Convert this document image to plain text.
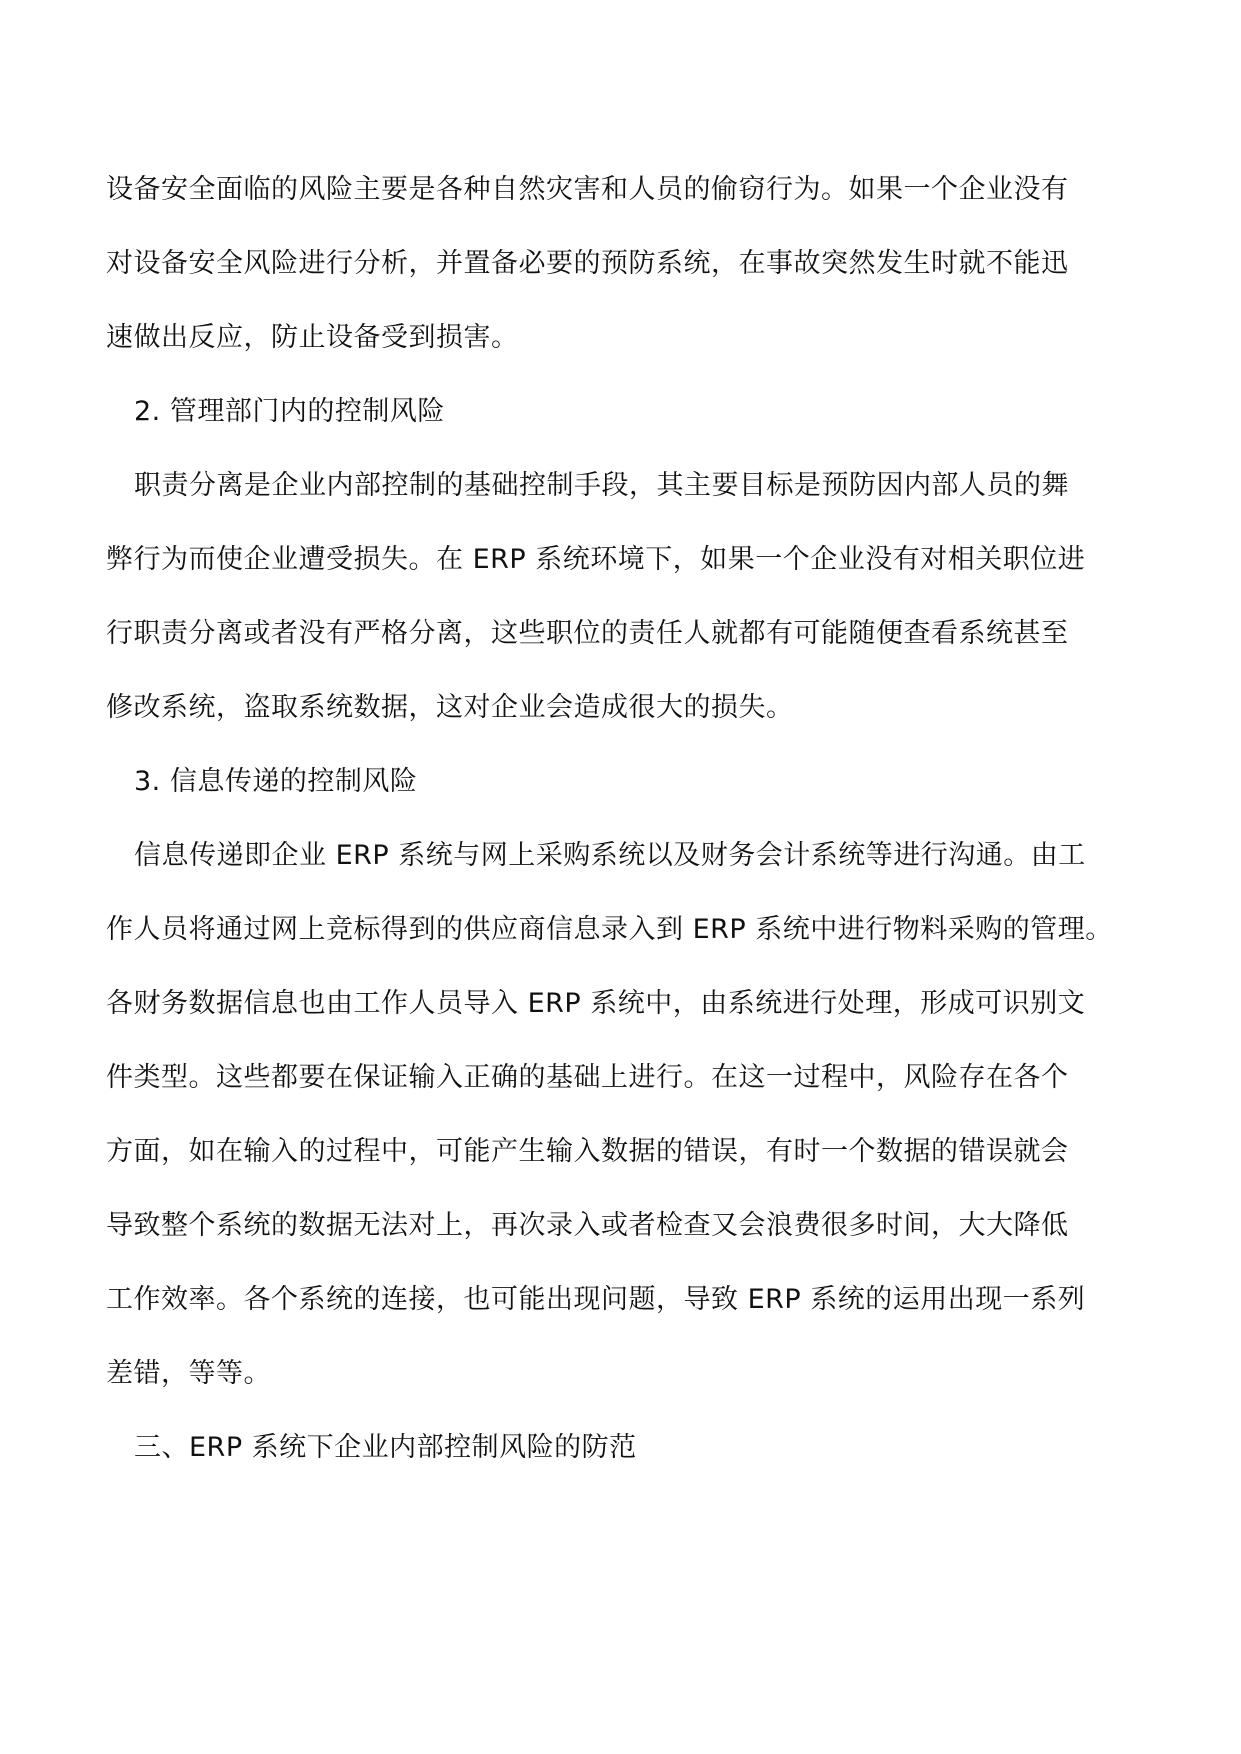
设备安全面临的风险主要是各种自然灾害和人员的偷窃行为。如果一个企业没有
对设备安全风险进行分析，并置备必要的预防系统，在事故突然发生时就不能迅
速做出反应，防止设备受到损害。
2. 管理部门内的控制风险
职责分离是企业内部控制的基础控制手段，其主要目标是预防因内部人员的舞
弊行为而使企业遭受损失。在 ERP 系统环境下，如果一个企业没有对相关职位进
行职责分离或者没有严格分离，这些职位的责任人就都有可能随便查看系统甚至
修改系统，盗取系统数据，这对企业会造成很大的损失。
3. 信息传递的控制风险
信息传递即企业 ERP 系统与网上采购系统以及财务会计系统等进行沟通。由工
作人员将通过网上竞标得到的供应商信息录入到 ERP 系统中进行物料采购的管理。
各财务数据信息也由工作人员导入 ERP 系统中，由系统进行处理，形成可识别文
件类型。这些都要在保证输入正确的基础上进行。在这一过程中，风险存在各个
方面，如在输入的过程中，可能产生输入数据的错误，有时一个数据的错误就会
导致整个系统的数据无法对上，再次录入或者检查又会浪费很多时间，大大降低
工作效率。各个系统的连接，也可能出现问题，导致 ERP 系统的运用出现一系列
差错，等等。
三、ERP 系统下企业内部控制风险的防范
